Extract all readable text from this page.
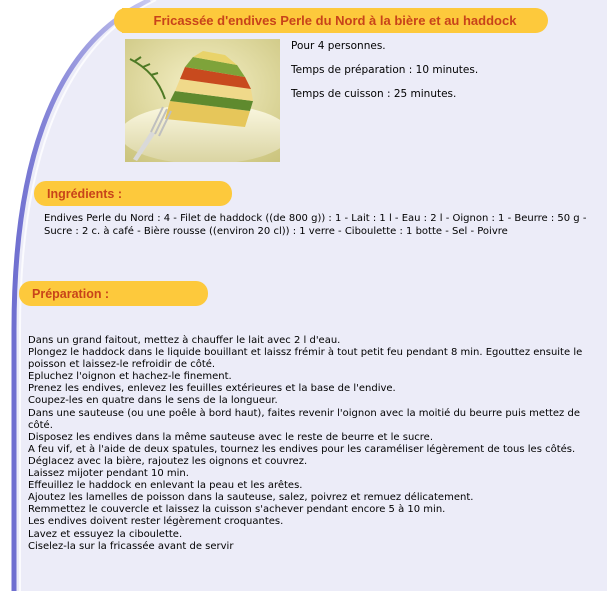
Fricassée d'endives Perle du Nord à la bière et au haddock
Pour 4 personnes.
Temps de préparation : 10 minutes.
Temps de cuisson : 25 minutes.
Ingrédients :
Endives Perle du Nord : 4 - Filet de haddock ((de 800 g)) : 1 - Lait : 1 l - Eau : 2 l - Oignon : 1 - Beurre : 50 g - Sucre : 2 c. à café - Bière rousse ((environ 20 cl)) : 1 verre - Ciboulette : 1 botte - Sel - Poivre
Préparation :
Dans un grand faitout, mettez à chauffer le lait avec 2 l d'eau.
Plongez le haddock dans le liquide bouillant et laissz frémir à tout petit feu pendant 8 min. Egouttez ensuite le poisson et laissez-le refroidir de côté.
Epluchez l'oignon et hachez-le finement.
Prenez les endives, enlevez les feuilles extérieures et la base de l'endive.
Coupez-les en quatre dans le sens de la longueur.
Dans une sauteuse (ou une poêle à bord haut), faites revenir l'oignon avec la moitié du beurre puis mettez de côté.
Disposez les endives dans la même sauteuse avec le reste de beurre et le sucre.
A feu vif, et à l'aide de deux spatules, tournez les endives pour les caraméliser légèrement de tous les côtés.
Déglacez avec la bière, rajoutez les oignons et couvrez.
Laissez mijoter pendant 10 min.
Effeuillez le haddock en enlevant la peau et les arêtes.
Ajoutez les lamelles de poisson dans la sauteuse, salez, poivrez et remuez délicatement.
Remmettez le couvercle et laissez la cuisson s'achever pendant encore 5 à 10 min.
Les endives doivent rester légèrement croquantes.
Lavez et essuyez la ciboulette.
Ciselez-la sur la fricassée avant de servir
